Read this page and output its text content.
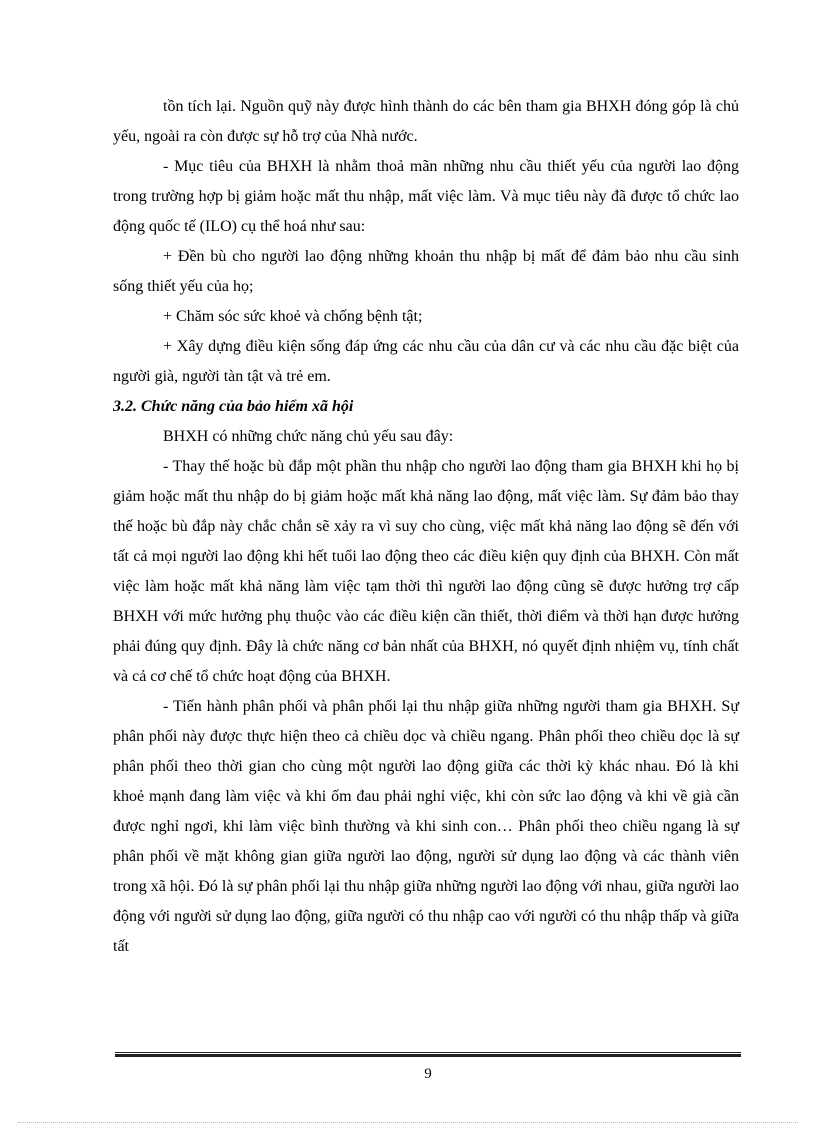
tồn tích lại. Nguồn quỹ này được hình thành do các bên tham gia BHXH đóng góp là chủ yếu, ngoài ra còn được sự hỗ trợ của Nhà nước.

- Mục tiêu của BHXH là nhằm thoả mãn những nhu cầu thiết yếu của người lao động trong trường hợp bị giảm hoặc mất thu nhập, mất việc làm. Và mục tiêu này đã được tổ chức lao động quốc tế (ILO) cụ thể hoá như sau:

+ Đền bù cho người lao động những khoản thu nhập bị mất để đảm bảo nhu cầu sinh sống thiết yếu của họ;

+ Chăm sóc sức khoẻ và chống bệnh tật;

+ Xây dựng điều kiện sống đáp ứng các nhu cầu của dân cư và các nhu cầu đặc biệt của người già, người tàn tật và trẻ em.

3.2. Chức năng của bảo hiểm xã hội

BHXH có những chức năng chủ yếu sau đây:

- Thay thế hoặc bù đắp một phần thu nhập cho người lao động tham gia BHXH khi họ bị giảm hoặc mất thu nhập do bị giảm hoặc mất khả năng lao động, mất việc làm. Sự đảm bảo thay thế hoặc bù đắp này chắc chắn sẽ xảy ra vì suy cho cùng, việc mất khả năng lao động sẽ đến với tất cả mọi người lao động khi hết tuổi lao động theo các điều kiện quy định của BHXH. Còn mất việc làm hoặc mất khả năng làm việc tạm thời thì người lao động cũng sẽ được hưởng trợ cấp BHXH với mức hưởng phụ thuộc vào các điều kiện cần thiết, thời điểm và thời hạn được hưởng phải đúng quy định. Đây là chức năng cơ bản nhất của BHXH, nó quyết định nhiệm vụ, tính chất và cả cơ chế tổ chức hoạt động của BHXH.

- Tiến hành phân phối và phân phối lại thu nhập giữa những người tham gia BHXH. Sự phân phối này được thực hiện theo cả chiều dọc và chiều ngang. Phân phối theo chiều dọc là sự phân phối theo thời gian cho cùng một người lao động giữa các thời kỳ khác nhau. Đó là khi khoẻ mạnh đang làm việc và khi ốm đau phải nghỉ việc, khi còn sức lao động và khi về già cần được nghỉ ngơi, khi làm việc bình thường và khi sinh con… Phân phối theo chiều ngang là sự phân phối về mặt không gian giữa người lao động, người sử dụng lao động và các thành viên trong xã hội. Đó là sự phân phối lại thu nhập giữa những người lao động với nhau, giữa người lao động với người sử dụng lao động, giữa người có thu nhập cao với người có thu nhập thấp và giữa tất

9
